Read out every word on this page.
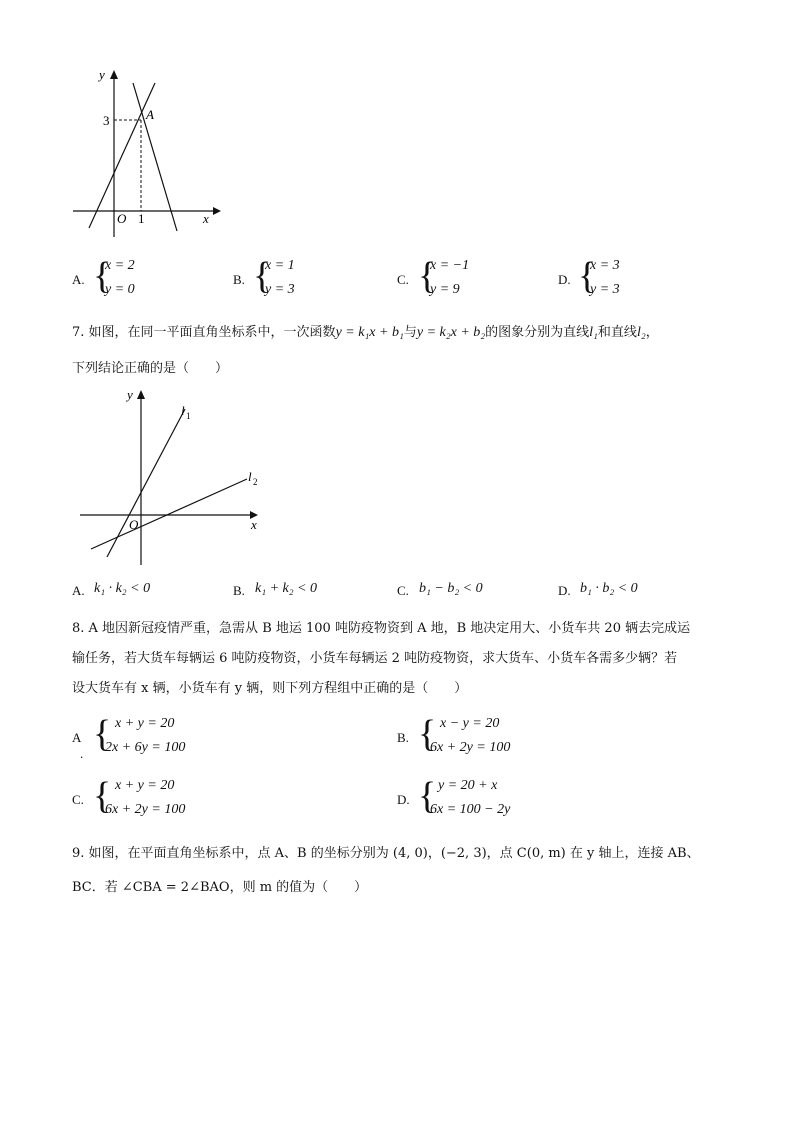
y
x
O
3
1
A
A. {
x = 2
y = 0
B. {
x = 1
y = 3
C. {
x = −1
y = 9
D. {
x = 3
y = 3
7. 如图，在同一平面直角坐标系中，一次函数y = k₁x + b₁与y = k₂x + b₂的图象分别为直线l₁和直线l₂，
下列结论正确的是（　　）
y
x
O
l 1
l 2
A. k₁ · k₂ < 0	B. k₁ + k₂ < 0	C. b₁ − b₂ < 0	D. b₁ · b₂ < 0
8. A 地因新冠疫情严重，急需从 B 地运 100 吨防疫物资到 A 地，B 地决定用大、小货车共 20 辆去完成运
输任务，若大货车每辆运 6 吨防疫物资，小货车每辆运 2 吨防疫物资，求大货车、小货车各需多少辆？若
设大货车有 x 辆，小货车有 y 辆，则下列方程组中正确的是（　　）
A
. { x + y = 20
2x + 6y = 100
B. { x − y = 20
6x + 2y = 100
C. { x + y = 20
6x + 2y = 100
D. { y = 20 + x
6x = 100 − 2y
9. 如图，在平面直角坐标系中，点 A、B 的坐标分别为 (4, 0)，(−2, 3)，点 C(0, m) 在 y 轴上，连接 AB、
BC．若 ∠CBA = 2∠BAO，则 m 的值为（　　）
